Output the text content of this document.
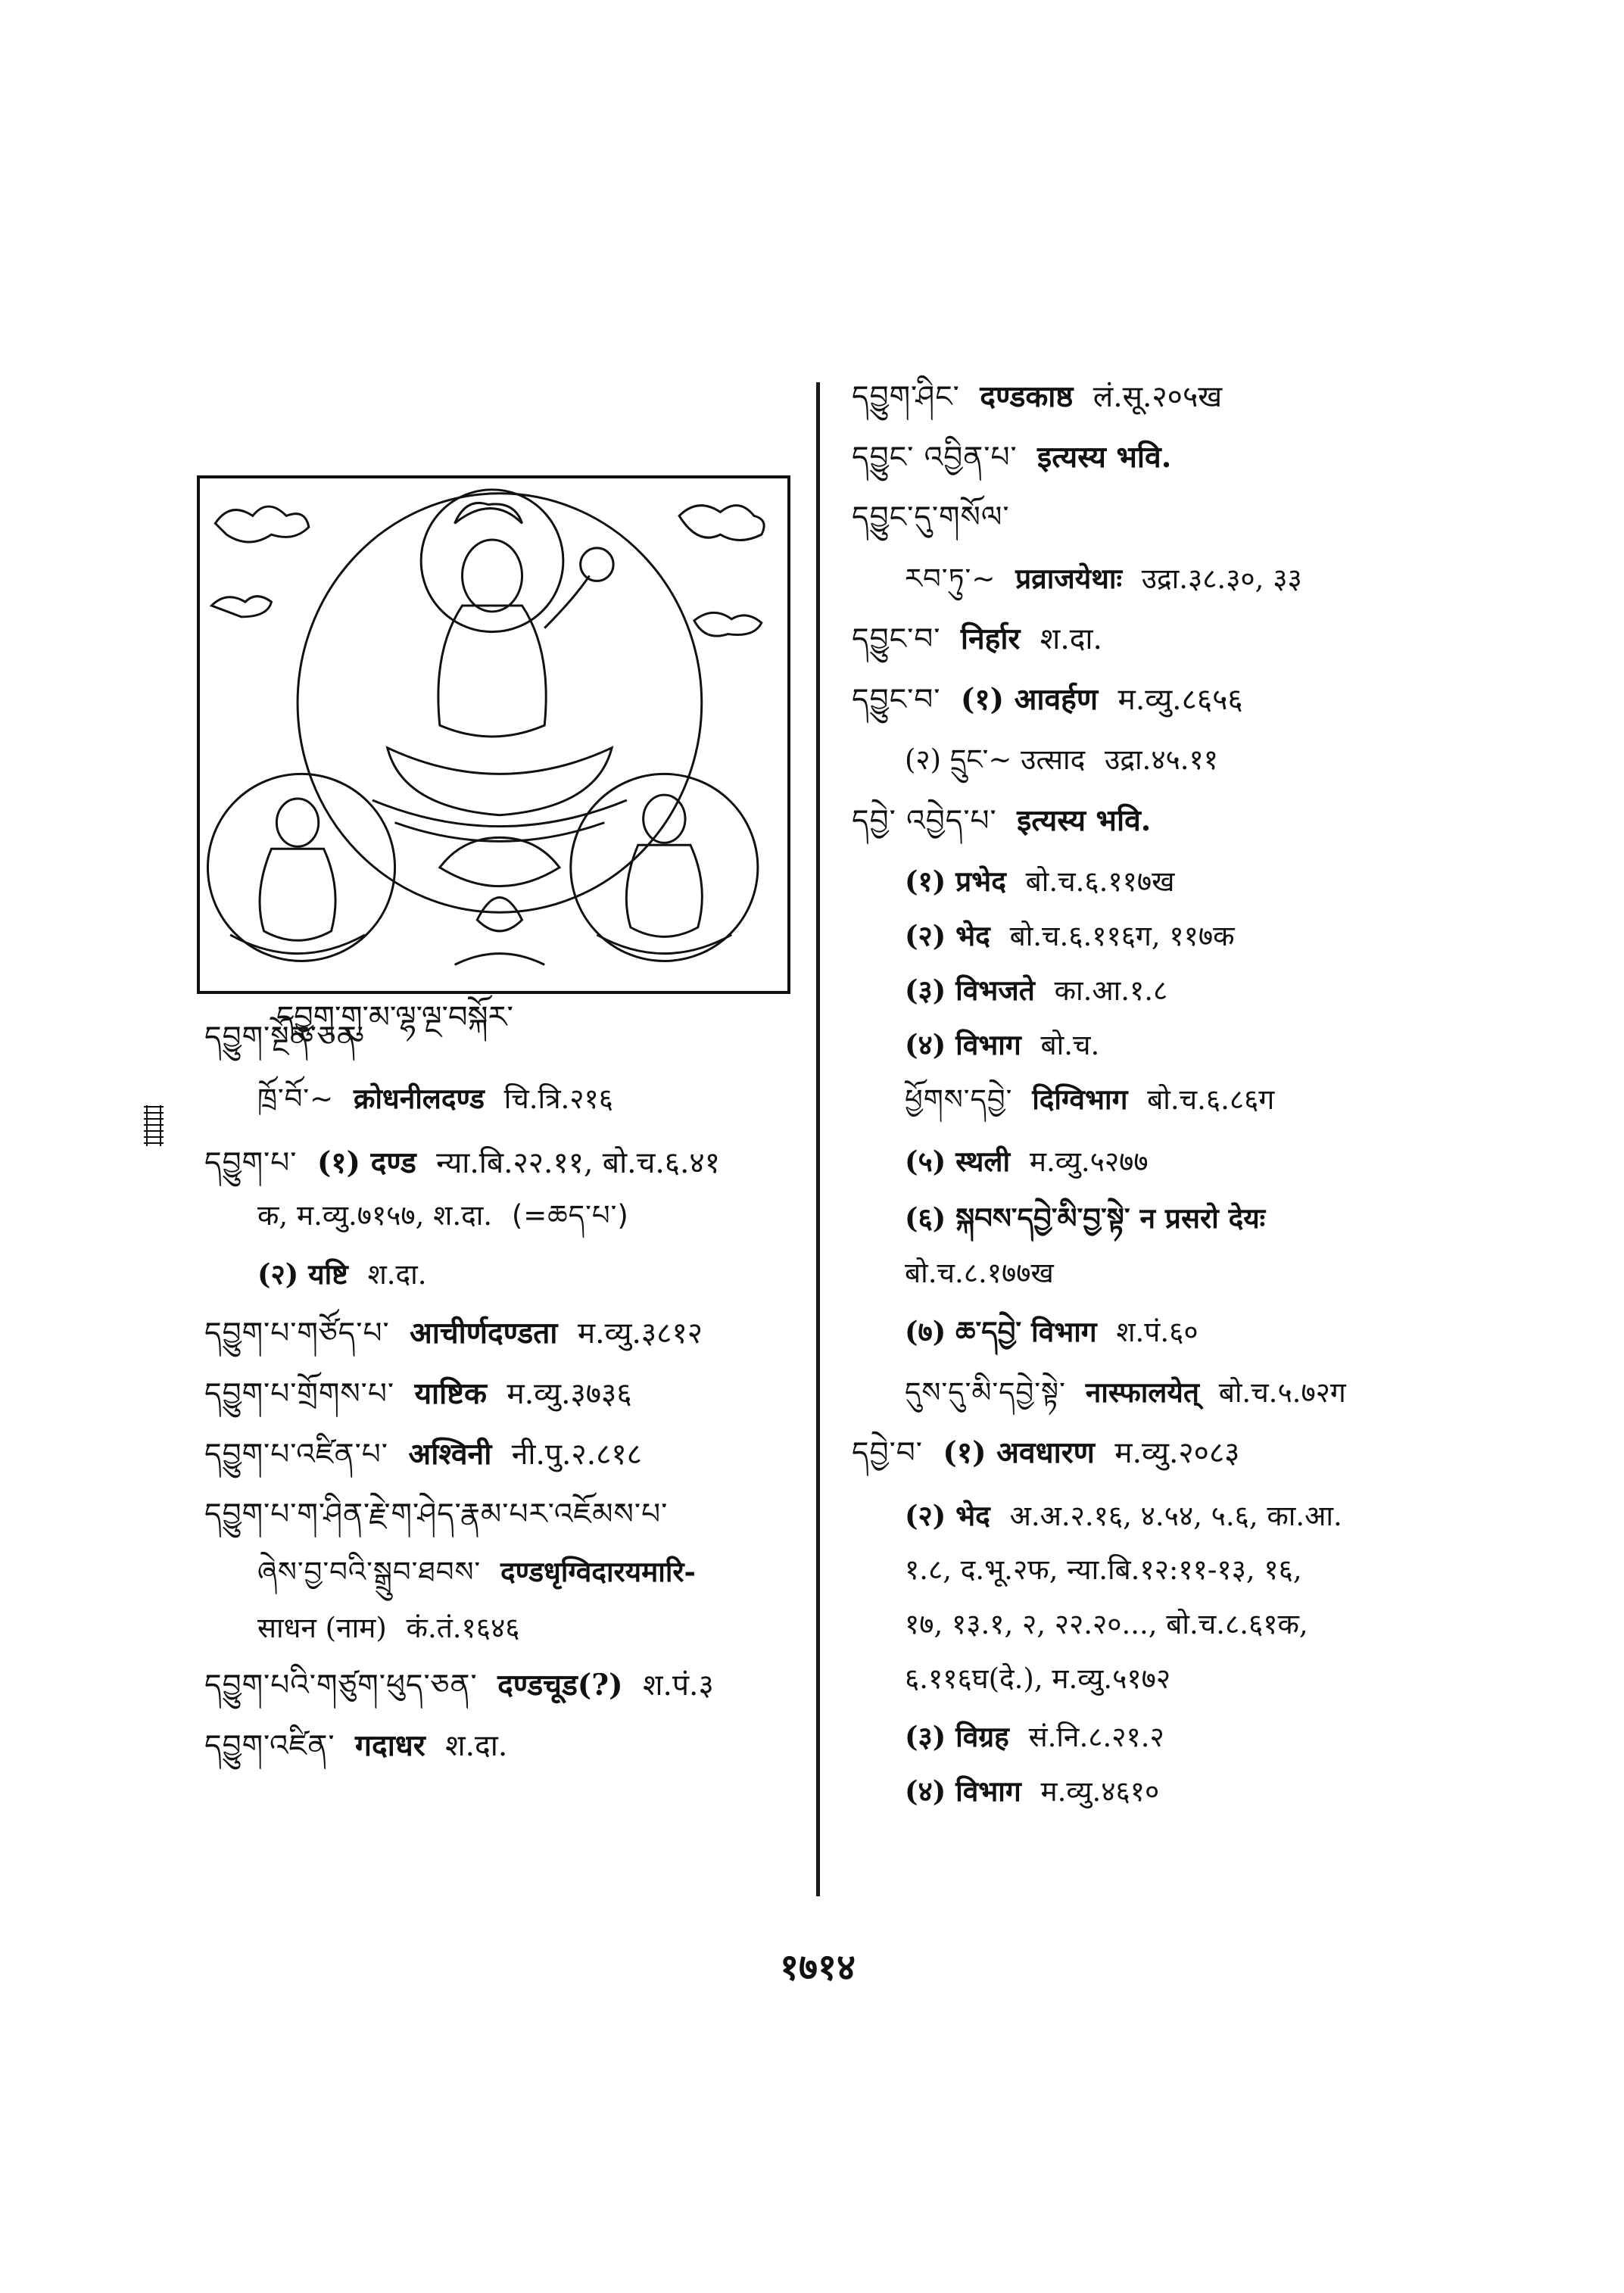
དབྱུག་གུ་མ་ལྷ་ལྔ་བསྐོར་
དབྱུག་སྔོན་ཅན་
ཁྲོ་བོ་~ क्रोधनीलदण्ड चि.त्रि.२१६
དབྱུག་པ་ (१) दण्ड न्या.बि.२२.११, बो.च.६.४१
क, म.व्यु.७१५७, श.दा. (=ཆད་པ་)
(२) यष्टि श.दा.
དབྱུག་པ་གཙོད་པ་ आचीर्णदण्डता म.व्यु.३८१२
དབྱུག་པ་གྲོགས་པ་ याष्टिक म.व्यु.३७३६
དབྱུག་པ་འཛིན་པ་ अश्विनी नी.पु.२.८१८
དབྱུག་པ་ག་ཤིན་རྗེ་ག་ཤེད་རྣམ་པར་འཇོམས་པ་
ཞེས་བྱ་བའི་སྒྲུབ་ཐབས་ दण्डधृग्विदारयमारि-
साधन (नाम) कं.तं.१६४६
དབྱུག་པའི་གཙུག་ཕུད་ཅན་ दण्डचूड(?) श.पं.३
དབྱུག་འཛིན་ गदाधर श.दा.
དབྱུག་ཤིང་ दण्डकाष्ठ लं.सू.२०५ख
དབྱུང་ འབྱིན་པ་ इत्यस्य भवि.
དབྱུང་དུ་གསོལ་
རབ་ཏུ་~ प्रव्राजयेथाः उद्रा.३८.३०, ३३
དབྱུང་བ་ निर्हार श.दा.
དབྱུང་བ་ (१) आवर्हण म.व्यु.८६५६
(२) དྲུང་~ उत्साद उद्रा.४५.११
དབྱེ་ འབྱེད་པ་ इत्यस्य भवि.
(१) प्रभेद बो.च.६.११७ख
(२) भेद बो.च.६.११६ग, ११७क
(३) विभजते का.आ.१.८
(४) विभाग बो.च.
ཕྱོགས་དབྱེ་ दिग्विभाग बो.च.६.८६ग
(५) स्थली म.व्यु.५२७७
(६) སྐབས་དབྱེ་མི་བྱ་སྟེ་ न प्रसरो देयः
बो.च.८.१७७ख
(७) ཆ་དབྱེ་ विभाग श.पं.६०
དུས་དུ་མི་དབྱེ་སྟེ་ नास्फालयेत् बो.च.५.७२ग
དབྱེ་བ་ (१) अवधारण म.व्यु.२०८३
(२) भेद अ.अ.२.१६, ४.५४, ५.६, का.आ.
१.८, द.भू.२फ, न्या.बि.१२:११-१३, १६,
१७, १३.१, २, २२.२०..., बो.च.८.६१क,
६.११६घ(दे.), म.व्यु.५१७२
(३) विग्रह सं.नि.८.२१.२
(४) विभाग म.व्यु.४६१०
१७१४
